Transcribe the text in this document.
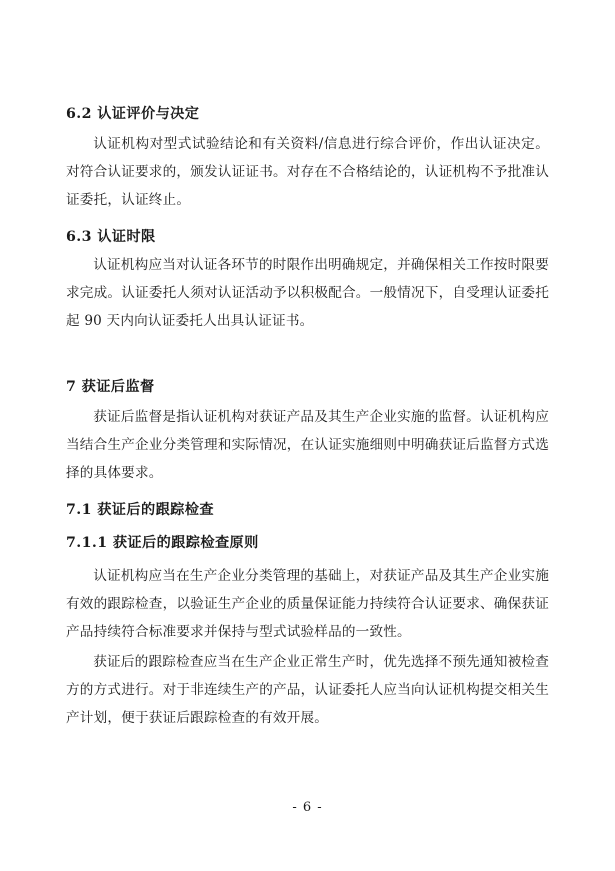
6.2 认证评价与决定

认证机构对型式试验结论和有关资料/信息进行综合评价，作出认证决定。对符合认证要求的，颁发认证证书。对存在不合格结论的，认证机构不予批准认证委托，认证终止。

6.3 认证时限

认证机构应当对认证各环节的时限作出明确规定，并确保相关工作按时限要求完成。认证委托人须对认证活动予以积极配合。一般情况下，自受理认证委托起 90 天内向认证委托人出具认证证书。

7 获证后监督

获证后监督是指认证机构对获证产品及其生产企业实施的监督。认证机构应当结合生产企业分类管理和实际情况，在认证实施细则中明确获证后监督方式选择的具体要求。

7.1 获证后的跟踪检查
7.1.1 获证后的跟踪检查原则

认证机构应当在生产企业分类管理的基础上，对获证产品及其生产企业实施有效的跟踪检查，以验证生产企业的质量保证能力持续符合认证要求、确保获证产品持续符合标准要求并保持与型式试验样品的一致性。

获证后的跟踪检查应当在生产企业正常生产时，优先选择不预先通知被检查方的方式进行。对于非连续生产的产品，认证委托人应当向认证机构提交相关生产计划，便于获证后跟踪检查的有效开展。

- 6 -
